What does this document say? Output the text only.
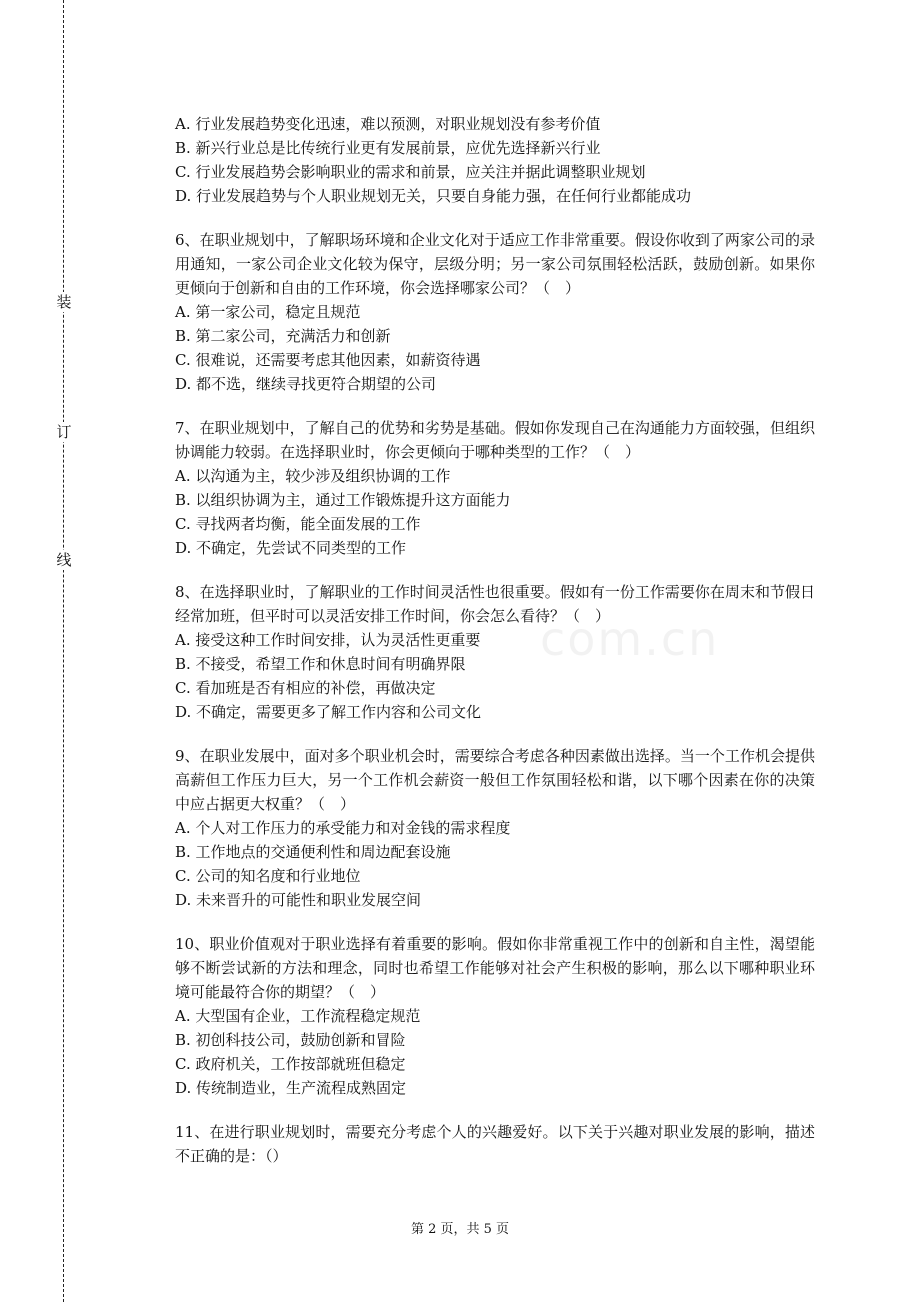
装
订
线
com.cn
A. 行业发展趋势变化迅速，难以预测，对职业规划没有参考价值
B. 新兴行业总是比传统行业更有发展前景，应优先选择新兴行业
C. 行业发展趋势会影响职业的需求和前景，应关注并据此调整职业规划
D. 行业发展趋势与个人职业规划无关，只要自身能力强，在任何行业都能成功
6、在职业规划中，了解职场环境和企业文化对于适应工作非常重要。假设你收到了两家公司的录用通知，一家公司企业文化较为保守，层级分明；另一家公司氛围轻松活跃，鼓励创新。如果你更倾向于创新和自由的工作环境，你会选择哪家公司？（　）
A. 第一家公司，稳定且规范
B. 第二家公司，充满活力和创新
C. 很难说，还需要考虑其他因素，如薪资待遇
D. 都不选，继续寻找更符合期望的公司
7、在职业规划中，了解自己的优势和劣势是基础。假如你发现自己在沟通能力方面较强，但组织协调能力较弱。在选择职业时，你会更倾向于哪种类型的工作？（　）
A. 以沟通为主，较少涉及组织协调的工作
B. 以组织协调为主，通过工作锻炼提升这方面能力
C. 寻找两者均衡，能全面发展的工作
D. 不确定，先尝试不同类型的工作
8、在选择职业时，了解职业的工作时间灵活性也很重要。假如有一份工作需要你在周末和节假日经常加班，但平时可以灵活安排工作时间，你会怎么看待？（　）
A. 接受这种工作时间安排，认为灵活性更重要
B. 不接受，希望工作和休息时间有明确界限
C. 看加班是否有相应的补偿，再做决定
D. 不确定，需要更多了解工作内容和公司文化
9、在职业发展中，面对多个职业机会时，需要综合考虑各种因素做出选择。当一个工作机会提供高薪但工作压力巨大，另一个工作机会薪资一般但工作氛围轻松和谐，以下哪个因素在你的决策中应占据更大权重？（　）
A. 个人对工作压力的承受能力和对金钱的需求程度
B. 工作地点的交通便利性和周边配套设施
C. 公司的知名度和行业地位
D. 未来晋升的可能性和职业发展空间
10、职业价值观对于职业选择有着重要的影响。假如你非常重视工作中的创新和自主性，渴望能够不断尝试新的方法和理念，同时也希望工作能够对社会产生积极的影响，那么以下哪种职业环境可能最符合你的期望？（　）
A. 大型国有企业，工作流程稳定规范
B. 初创科技公司，鼓励创新和冒险
C. 政府机关，工作按部就班但稳定
D. 传统制造业，生产流程成熟固定
11、在进行职业规划时，需要充分考虑个人的兴趣爱好。以下关于兴趣对职业发展的影响，描述不正确的是：（）
第 2 页，共 5 页
